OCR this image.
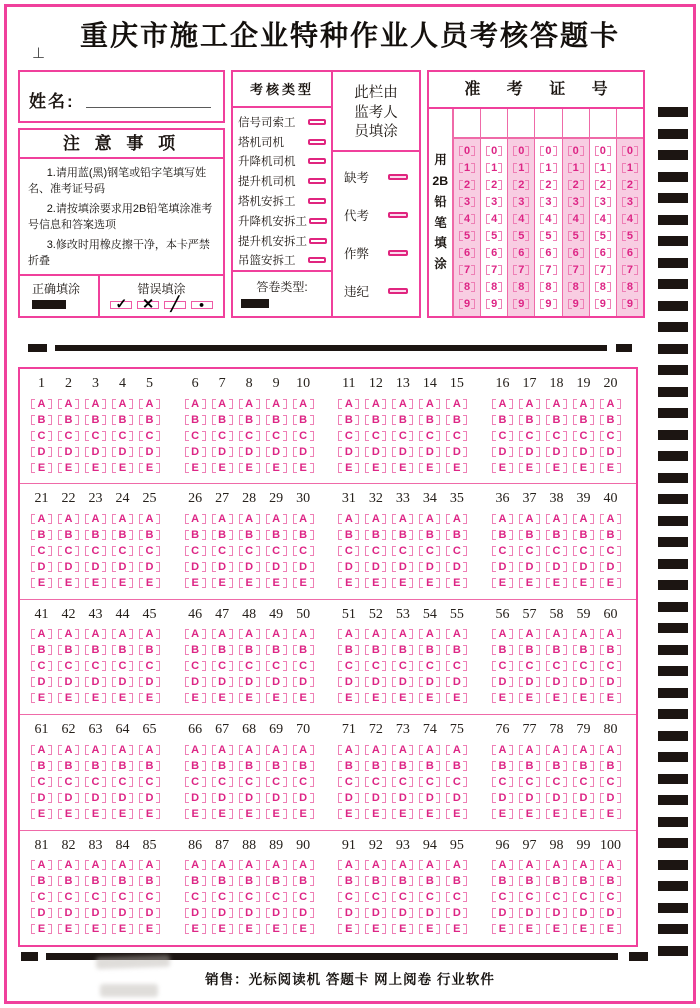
重庆市施工企业特种作业人员考核答题卡
⊥
姓名:
注 意 事 项
1.请用蓝(黑)钢笔或铅字笔填写姓名、准考证号码
2.请按填涂要求用2B铅笔填涂准考号信息和答案选项
3.修改时用橡皮擦干净，本卡严禁折叠
正确填涂	错误填涂
✓ ✕ ╱ ●
考核类型
信号司索工
塔机司机
升降机司机
提升机司机
塔机安拆工
升降机安拆工
提升机安拆工
吊篮安拆工
答卷类型:
此栏由
监考人
员填涂
缺考
代考
作弊
违纪
准 考 证 号
用
2B
铅
笔
填
涂
0
1
2
3
4
5
6
7
8
9
0
1
2
3
4
5
6
7
8
9
0
1
2
3
4
5
6
7
8
9
0
1
2
3
4
5
6
7
8
9
0
1
2
3
4
5
6
7
8
9
0
1
2
3
4
5
6
7
8
9
0
1
2
3
4
5
6
7
8
9
1
A
B
C
D
E
2
A
B
C
D
E
3
A
B
C
D
E
4
A
B
C
D
E
5
A
B
C
D
E
6
A
B
C
D
E
7
A
B
C
D
E
8
A
B
C
D
E
9
A
B
C
D
E
10
A
B
C
D
E
11
A
B
C
D
E
12
A
B
C
D
E
13
A
B
C
D
E
14
A
B
C
D
E
15
A
B
C
D
E
16
A
B
C
D
E
17
A
B
C
D
E
18
A
B
C
D
E
19
A
B
C
D
E
20
A
B
C
D
E
21
A
B
C
D
E
22
A
B
C
D
E
23
A
B
C
D
E
24
A
B
C
D
E
25
A
B
C
D
E
26
A
B
C
D
E
27
A
B
C
D
E
28
A
B
C
D
E
29
A
B
C
D
E
30
A
B
C
D
E
31
A
B
C
D
E
32
A
B
C
D
E
33
A
B
C
D
E
34
A
B
C
D
E
35
A
B
C
D
E
36
A
B
C
D
E
37
A
B
C
D
E
38
A
B
C
D
E
39
A
B
C
D
E
40
A
B
C
D
E
41
A
B
C
D
E
42
A
B
C
D
E
43
A
B
C
D
E
44
A
B
C
D
E
45
A
B
C
D
E
46
A
B
C
D
E
47
A
B
C
D
E
48
A
B
C
D
E
49
A
B
C
D
E
50
A
B
C
D
E
51
A
B
C
D
E
52
A
B
C
D
E
53
A
B
C
D
E
54
A
B
C
D
E
55
A
B
C
D
E
56
A
B
C
D
E
57
A
B
C
D
E
58
A
B
C
D
E
59
A
B
C
D
E
60
A
B
C
D
E
61
A
B
C
D
E
62
A
B
C
D
E
63
A
B
C
D
E
64
A
B
C
D
E
65
A
B
C
D
E
66
A
B
C
D
E
67
A
B
C
D
E
68
A
B
C
D
E
69
A
B
C
D
E
70
A
B
C
D
E
71
A
B
C
D
E
72
A
B
C
D
E
73
A
B
C
D
E
74
A
B
C
D
E
75
A
B
C
D
E
76
A
B
C
D
E
77
A
B
C
D
E
78
A
B
C
D
E
79
A
B
C
D
E
80
A
B
C
D
E
81
A
B
C
D
E
82
A
B
C
D
E
83
A
B
C
D
E
84
A
B
C
D
E
85
A
B
C
D
E
86
A
B
C
D
E
87
A
B
C
D
E
88
A
B
C
D
E
89
A
B
C
D
E
90
A
B
C
D
E
91
A
B
C
D
E
92
A
B
C
D
E
93
A
B
C
D
E
94
A
B
C
D
E
95
A
B
C
D
E
96
A
B
C
D
E
97
A
B
C
D
E
98
A
B
C
D
E
99
A
B
C
D
E
100
A
B
C
D
E
销售：光标阅读机 答题卡 网上阅卷 行业软件
